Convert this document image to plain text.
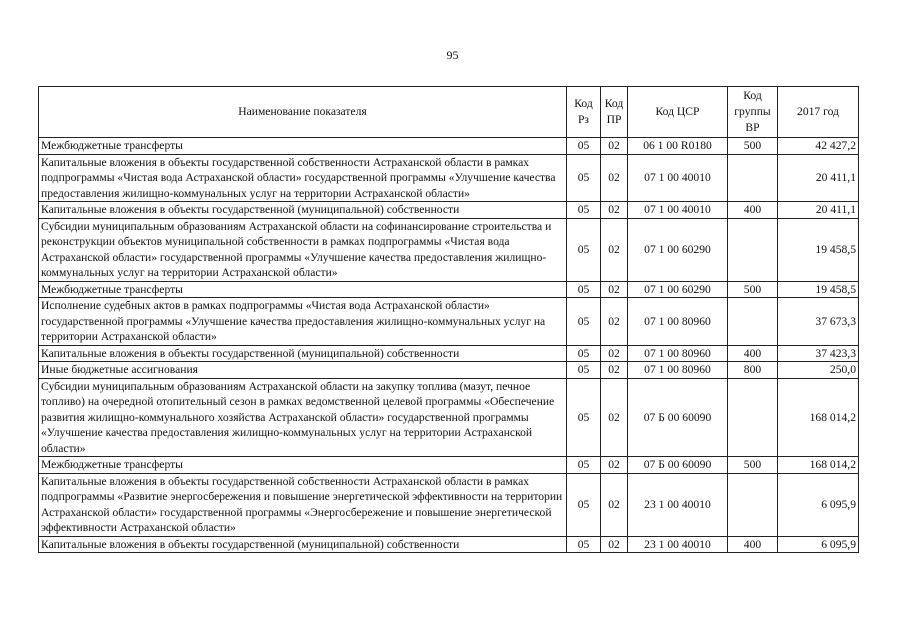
95
Наименование показателя	Код Рз	Код ПР	Код ЦСР	Код группы ВР	2017 год
Межбюджетные трансферты	05	02	06 1 00 R0180	500	42 427,2
Капитальные вложения в объекты государственной собственности Астраханской области в рамках подпрограммы «Чистая вода Астраханской области» государственной программы «Улучшение качества предоставления жилищно-коммунальных услуг на территории Астраханской области»	05	02	07 1 00 40010		20 411,1
Капитальные вложения в объекты государственной (муниципальной) собственности	05	02	07 1 00 40010	400	20 411,1
Субсидии муниципальным образованиям Астраханской области на софинансирование строительства и реконструкции объектов муниципальной собственности в рамках подпрограммы «Чистая вода Астраханской области» государственной программы «Улучшение качества предоставления жилищно-коммунальных услуг на территории Астраханской области»	05	02	07 1 00 60290		19 458,5
Межбюджетные трансферты	05	02	07 1 00 60290	500	19 458,5
Исполнение судебных актов в рамках подпрограммы «Чистая вода Астраханской области» государственной программы «Улучшение качества предоставления жилищно-коммунальных услуг на территории Астраханской области»	05	02	07 1 00 80960		37 673,3
Капитальные вложения в объекты государственной (муниципальной) собственности	05	02	07 1 00 80960	400	37 423,3
Иные бюджетные ассигнования	05	02	07 1 00 80960	800	250,0
Субсидии муниципальным образованиям Астраханской области на закупку топлива (мазут, печное топливо) на очередной отопительный сезон в рамках ведомственной целевой программы «Обеспечение развития жилищно-коммунального хозяйства Астраханской области» государственной программы «Улучшение качества предоставления жилищно-коммунальных услуг на территории Астраханской области»	05	02	07 Б 00 60090		168 014,2
Межбюджетные трансферты	05	02	07 Б 00 60090	500	168 014,2
Капитальные вложения в объекты государственной собственности Астраханской области в рамках подпрограммы «Развитие энергосбережения и повышение энергетической эффективности на территории Астраханской области» государственной программы «Энергосбережение и повышение энергетической эффективности Астраханской области»	05	02	23 1 00 40010		6 095,9
Капитальные вложения в объекты государственной (муниципальной) собственности	05	02	23 1 00 40010	400	6 095,9
